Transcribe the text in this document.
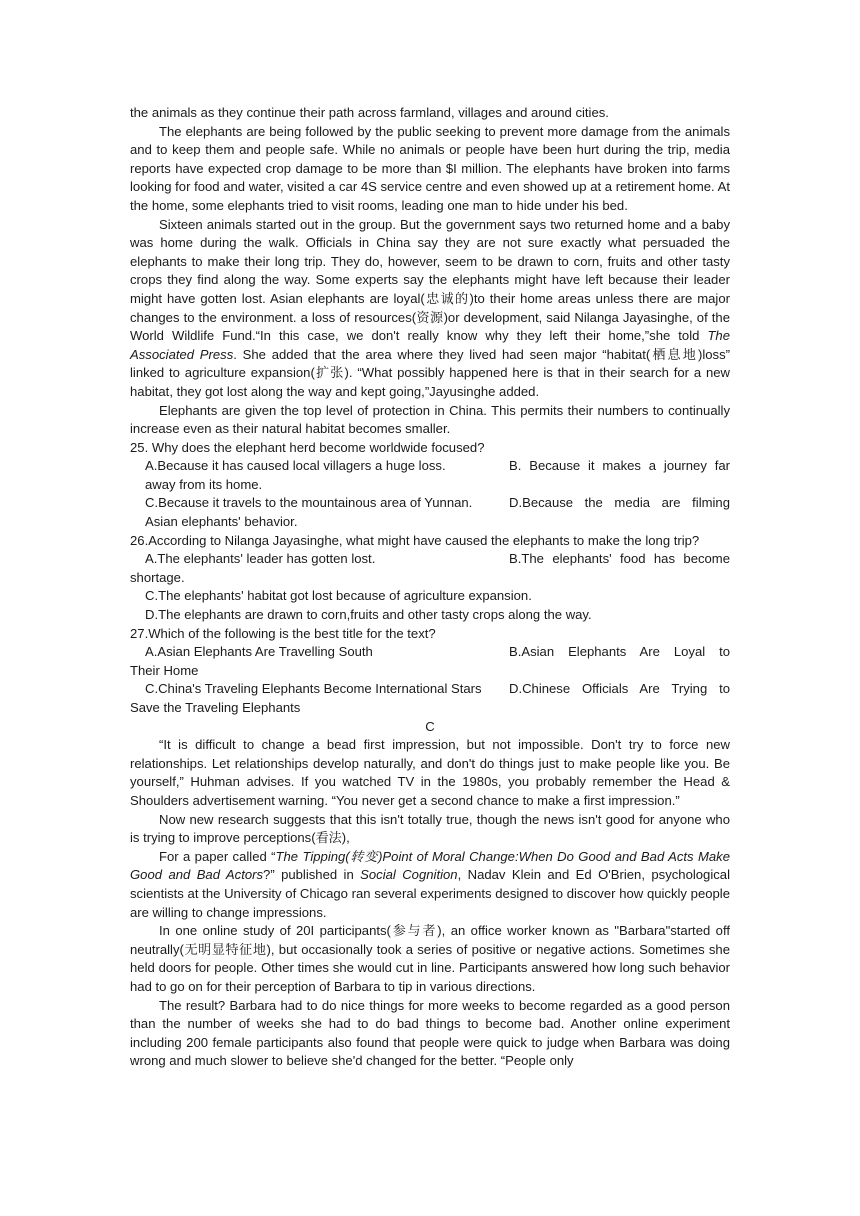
the animals as they continue their path across farmland, villages and around cities.

The elephants are being followed by the public seeking to prevent more damage from the animals and to keep them and people safe. While no animals or people have been hurt during the trip, media reports have expected crop damage to be more than $I million. The elephants have broken into farms looking for food and water, visited a car 4S service centre and even showed up at a retirement home. At the home, some elephants tried to visit rooms, leading one man to hide under his bed.

Sixteen animals started out in the group. But the government says two returned home and a baby was home during the walk. Officials in China say they are not sure exactly what persuaded the elephants to make their long trip. They do, however, seem to be drawn to corn, fruits and other tasty crops they find along the way. Some experts say the elephants might have left because their leader might have gotten lost. Asian elephants are loyal(忠诚的)to their home areas unless there are major changes to the environment. a loss of resources(资源)or development, said Nilanga Jayasinghe, of the World Wildlife Fund.“In this case, we don't really know why they left their home,”she told The Associated Press. She added that the area where they lived had seen major “habitat(栖息地)loss” linked to agriculture expansion(扩张). “What possibly happened here is that in their search for a new habitat, they got lost along the way and kept going,”Jayusinghe added.

Elephants are given the top level of protection in China. This permits their numbers to continually increase even as their natural habitat becomes smaller.

25. Why does the elephant herd become worldwide focused?

A.Because it has caused local villagers a huge loss.	B. Because it makes a journey far

away from its home.

C.Because it travels to the mountainous area of Yunnan.	D.Because the media are filming

Asian elephants' behavior.

26.According to Nilanga Jayasinghe, what might have caused the elephants to make the long trip?

A.The elephants' leader has gotten lost.	B.The elephants' food has become

shortage.

C.The elephants' habitat got lost because of agriculture expansion.

D.The elephants are drawn to corn,fruits and other tasty crops along the way.

27.Which of the following is the best title for the text?

A.Asian Elephants Are Travelling South	B.Asian Elephants Are Loyal to

Their Home

C.China's Traveling Elephants Become International Stars	D.Chinese Officials Are Trying to

Save the Traveling Elephants

C

“It is difficult to change a bead first impression, but not impossible. Don't try to force new relationships. Let relationships develop naturally, and don't do things just to make people like you. Be yourself,” Huhman advises. If you watched TV in the 1980s, you probably remember the Head & Shoulders advertisement warning. “You never get a second chance to make a first impression.”

Now new research suggests that this isn't totally true, though the news isn't good for anyone who is trying to improve perceptions(看法),

For a paper called “The Tipping(转变)Point of Moral Change:When Do Good and Bad Acts Make Good and Bad Actors?” published in Social Cognition, Nadav Klein and Ed O'Brien, psychological scientists at the University of Chicago ran several experiments designed to discover how quickly people are willing to change impressions.

In one online study of 20I participants(参与者), an office worker known as "Barbara"started off neutrally(无明显特征地), but occasionally took a series of positive or negative actions. Sometimes she held doors for people. Other times she would cut in line. Participants answered how long such behavior had to go on for their perception of Barbara to tip in various directions.

The result? Barbara had to do nice things for more weeks to become regarded as a good person than the number of weeks she had to do bad things to become bad. Another online experiment including 200 female participants also found that people were quick to judge when Barbara was doing wrong and much slower to believe she'd changed for the better. “People only
